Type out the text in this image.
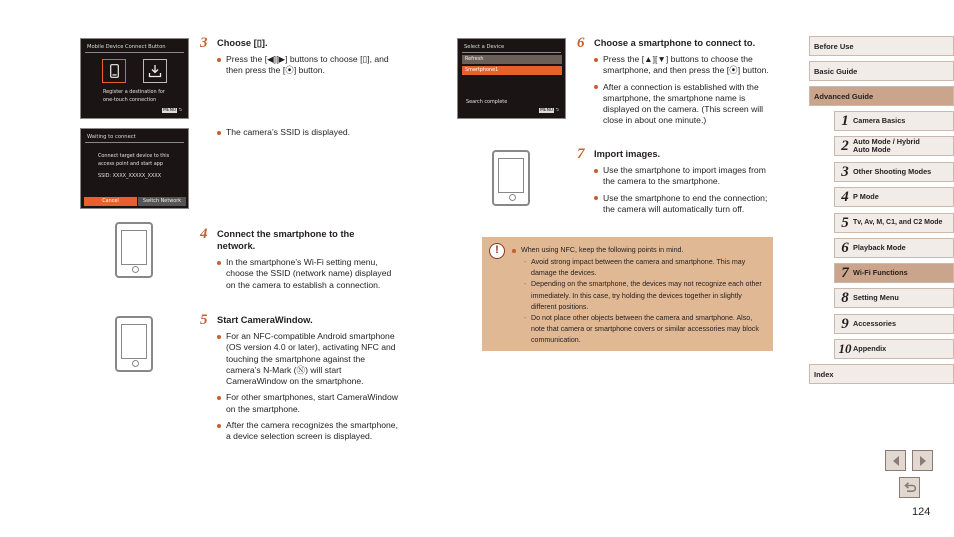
Mobile Device Connect Button
Register a destination for
one-touch connection
MENU ⮌
Waiting to connect
Connect target device to this
access point and start app
SSID: XXXX_XXXXX_XXXX
Cancel	Switch Network
3	Choose [▯].
Press the [◀][▶] buttons to choose [▯], and then press the [⦿] button.
The camera’s SSID is displayed.
4	Connect the smartphone to the network.
In the smartphone’s Wi-Fi setting menu, choose the SSID (network name) displayed on the camera to establish a connection.
5	Start CameraWindow.
For an NFC-compatible Android smartphone (OS version 4.0 or later), activating NFC and touching the smartphone against the camera’s N-Mark (Ⓝ) will start CameraWindow on the smartphone.
For other smartphones, start CameraWindow on the smartphone.
After the camera recognizes the smartphone, a device selection screen is displayed.
Select a Device
Refresh
Smartphone1
Search complete
MENU ⮌
6	Choose a smartphone to connect to.
Press the [▲][▼] buttons to choose the smartphone, and then press the [⦿] button.
After a connection is established with the smartphone, the smartphone name is displayed on the camera. (This screen will close in about one minute.)
7	Import images.
Use the smartphone to import images from the camera to the smartphone.
Use the smartphone to end the connection; the camera will automatically turn off.
!	When using NFC, keep the following points in mind.
- Avoid strong impact between the camera and smartphone. This may damage the devices.
- Depending on the smartphone, the devices may not recognize each other immediately. In this case, try holding the devices together in slightly different positions.
- Do not place other objects between the camera and smartphone. Also, note that camera or smartphone covers or similar accessories may block communication.
Before Use
Basic Guide
Advanced Guide
1 Camera Basics
2 Auto Mode / Hybrid Auto Mode
3 Other Shooting Modes
4 P Mode
5 Tv, Av, M, C1, and C2 Mode
6 Playback Mode
7 Wi-Fi Functions
8 Setting Menu
9 Accessories
10 Appendix
Index
124
